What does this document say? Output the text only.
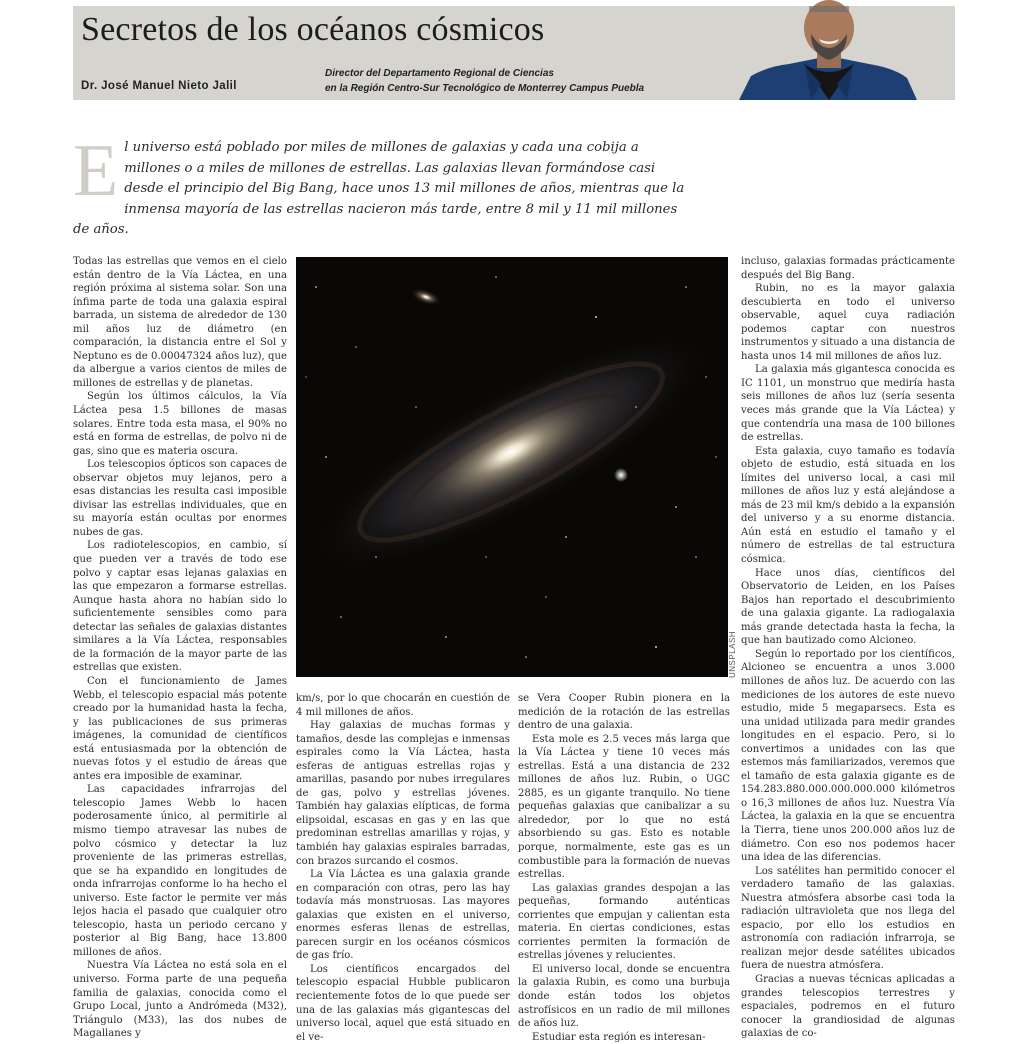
Secretos de los océanos cósmicos
Dr. José Manuel Nieto Jalil
Director del Departamento Regional de Ciencias
en la Región Centro-Sur Tecnológico de Monterrey Campus Puebla
El universo está poblado por miles de millones de galaxias y cada una cobija a millones o a miles de millones de estrellas. Las galaxias llevan formándose casi desde el principio del Big Bang, hace unos 13 mil millones de años, mientras que la inmensa mayoría de las estrellas nacieron más tarde, entre 8 mil y 11 mil millones de años.

Todas las estrellas que vemos en el cielo están dentro de la Vía Láctea, en una región próxima al sistema solar. Son una ínfima parte de toda una galaxia espiral barrada, un sistema de alrededor de 130 mil años luz de diámetro (en comparación, la distancia entre el Sol y Neptuno es de 0.00047324 años luz), que da albergue a varios cientos de miles de millones de estrellas y de planetas.

Según los últimos cálculos, la Vía Láctea pesa 1.5 billones de masas solares. Entre toda esta masa, el 90% no está en forma de estrellas, de polvo ni de gas, sino que es materia oscura.

Los telescopios ópticos son capaces de observar objetos muy lejanos, pero a esas distancias les resulta casi imposible divisar las estrellas individuales, que en su mayoría están ocultas por enormes nubes de gas.

Los radiotelescopios, en cambio, sí que pueden ver a través de todo ese polvo y captar esas lejanas galaxias en las que empezaron a formarse estrellas. Aunque hasta ahora no habían sido lo suficientemente sensibles como para detectar las señales de galaxias distantes similares a la Vía Láctea, responsables de la formación de la mayor parte de las estrellas que existen.

Con el funcionamiento de James Webb, el telescopio espacial más potente creado por la humanidad hasta la fecha, y las publicaciones de sus primeras imágenes, la comunidad de científicos está entusiasmada por la obtención de nuevas fotos y el estudio de áreas que antes era imposible de examinar.

Las capacidades infrarrojas del telescopio James Webb lo hacen poderosamente único, al permitirle al mismo tiempo atravesar las nubes de polvo cósmico y detectar la luz proveniente de las primeras estrellas, que se ha expandido en longitudes de onda infrarrojas conforme lo ha hecho el universo. Este factor le permite ver más lejos hacia el pasado que cualquier otro telescopio, hasta un periodo cercano y posterior al Big Bang, hace 13.800 millones de años.

Nuestra Vía Láctea no está sola en el universo. Forma parte de una pequeña familia de galaxias, conocida como el Grupo Local, junto a Andrómeda (M32), Triángulo (M33), las dos nubes de Magallanes y

UNSPLASH

km/s, por lo que chocarán en cuestión de 4 mil millones de años.

Hay galaxias de muchas formas y tamaños, desde las complejas e inmensas espirales como la Vía Láctea, hasta esferas de antiguas estrellas rojas y amarillas, pasando por nubes irregulares de gas, polvo y estrellas jóvenes. También hay galaxias elípticas, de forma elipsoidal, escasas en gas y en las que predominan estrellas amarillas y rojas, y también hay galaxias espirales barradas, con brazos surcando el cosmos.

La Vía Láctea es una galaxia grande en comparación con otras, pero las hay todavía más monstruosas. Las mayores galaxias que existen en el universo, enormes esferas llenas de estrellas, parecen surgir en los océanos cósmicos de gas frío.

Los científicos encargados del telescopio espacial Hubble publicaron recientemente fotos de lo que puede ser una de las galaxias más gigantescas del universo local, aquel que está situado en el ve-

se Vera Cooper Rubin pionera en la medición de la rotación de las estrellas dentro de una galaxia.

Esta mole es 2.5 veces más larga que la Vía Láctea y tiene 10 veces más estrellas. Está a una distancia de 232 millones de años luz. Rubin, o UGC 2885, es un gigante tranquilo. No tiene pequeñas galaxias que canibalizar a su alrededor, por lo que no está absorbiendo su gas. Esto es notable porque, normalmente, este gas es un combustible para la formación de nuevas estrellas.

Las galaxias grandes despojan a las pequeñas, formando auténticas corrientes que empujan y calientan esta materia. En ciertas condiciones, estas corrientes permiten la formación de estrellas jóvenes y relucientes.

El universo local, donde se encuentra la galaxia Rubin, es como una burbuja donde están todos los objetos astrofísicos en un radio de mil millones de años luz.

Estudiar esta región es interesan-

incluso, galaxias formadas prácticamente después del Big Bang.

Rubin, no es la mayor galaxia descubierta en todo el universo observable, aquel cuya radiación podemos captar con nuestros instrumentos y situado a una distancia de hasta unos 14 mil millones de años luz.

La galaxia más gigantesca conocida es IC 1101, un monstruo que mediría hasta seis millones de años luz (sería sesenta veces más grande que la Vía Láctea) y que contendría una masa de 100 billones de estrellas.

Esta galaxia, cuyo tamaño es todavía objeto de estudio, está situada en los límites del universo local, a casi mil millones de años luz y está alejándose a más de 23 mil km/s debido a la expansión del universo y a su enorme distancia. Aún está en estudio el tamaño y el número de estrellas de tal estructura cósmica.

Hace unos días, científicos del Observatorio de Leiden, en los Países Bajos han reportado el descubrimiento de una galaxia gigante. La radiogalaxia más grande detectada hasta la fecha, la que han bautizado como Alcioneo.

Según lo reportado por los científicos, Alcioneo se encuentra a unos 3.000 millones de años luz. De acuerdo con las mediciones de los autores de este nuevo estudio, mide 5 megaparsecs. Esta es una unidad utilizada para medir grandes longitudes en el espacio. Pero, si lo convertimos a unidades con las que estemos más familiarizados, veremos que el tamaño de esta galaxia gigante es de 154.283.880.000.000.000.000 kilómetros o 16,3 millones de años luz. Nuestra Vía Láctea, la galaxia en la que se encuentra la Tierra, tiene unos 200.000 años luz de diámetro. Con eso nos podemos hacer una idea de las diferencias.

Los satélites han permitido conocer el verdadero tamaño de las galaxias. Nuestra atmósfera absorbe casi toda la radiación ultravioleta que nos llega del espacio, por ello los estudios en astronomía con radiación infrarroja, se realizan mejor desde satélites ubicados fuera de nuestra atmósfera.

Gracias a nuevas técnicas aplicadas a grandes telescopios terrestres y espaciales, podremos en el futuro conocer la grandiosidad de algunas galaxias de co-
